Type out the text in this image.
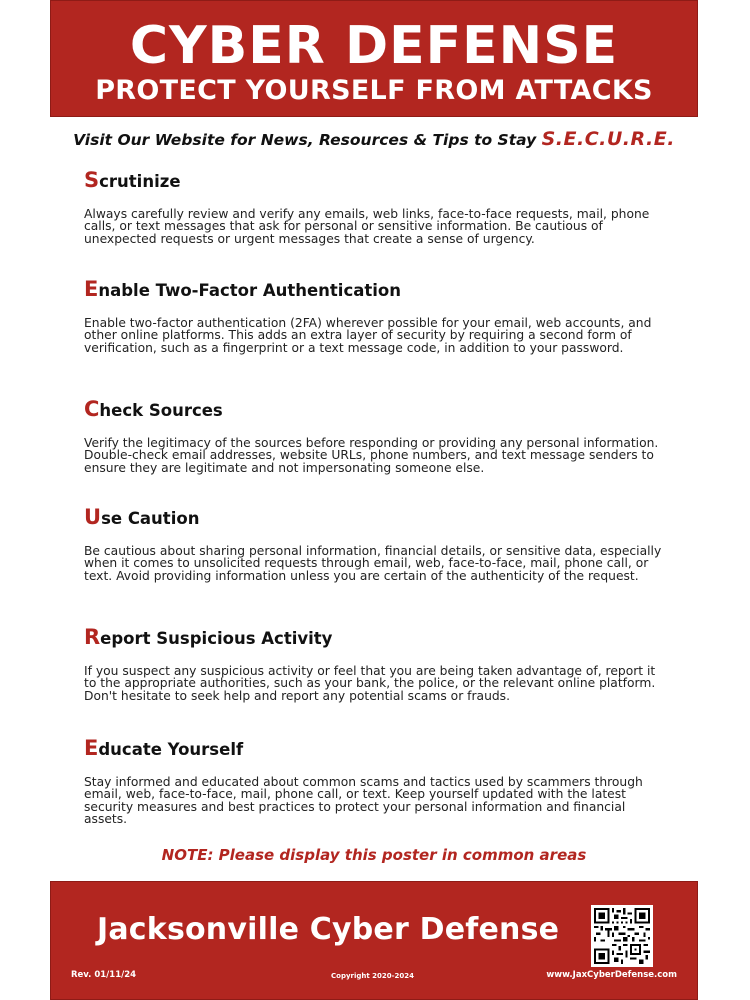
CYBER DEFENSE
PROTECT YOURSELF FROM ATTACKS
Visit Our Website for News, Resources & Tips to Stay S.E.C.U.R.E.
Scrutinize

Always carefully review and verify any emails, web links, face-to-face requests, mail, phone calls, or text messages that ask for personal or sensitive information. Be cautious of unexpected requests or urgent messages that create a sense of urgency.

Enable Two-Factor Authentication

Enable two-factor authentication (2FA) wherever possible for your email, web accounts, and other online platforms. This adds an extra layer of security by requiring a second form of verification, such as a fingerprint or a text message code, in addition to your password.

Check Sources

Verify the legitimacy of the sources before responding or providing any personal information. Double-check email addresses, website URLs, phone numbers, and text message senders to ensure they are legitimate and not impersonating someone else.

Use Caution

Be cautious about sharing personal information, financial details, or sensitive data, especially when it comes to unsolicited requests through email, web, face-to-face, mail, phone call, or text. Avoid providing information unless you are certain of the authenticity of the request.

Report Suspicious Activity

If you suspect any suspicious activity or feel that you are being taken advantage of, report it to the appropriate authorities, such as your bank, the police, or the relevant online platform. Don't hesitate to seek help and report any potential scams or frauds.

Educate Yourself

Stay informed and educated about common scams and tactics used by scammers through email, web, face-to-face, mail, phone call, or text. Keep yourself updated with the latest security measures and best practices to protect your personal information and financial assets.

NOTE: Please display this poster in common areas
Jacksonville Cyber Defense
Rev. 01/11/24	Copyright 2020-2024	www.JaxCyberDefense.com
